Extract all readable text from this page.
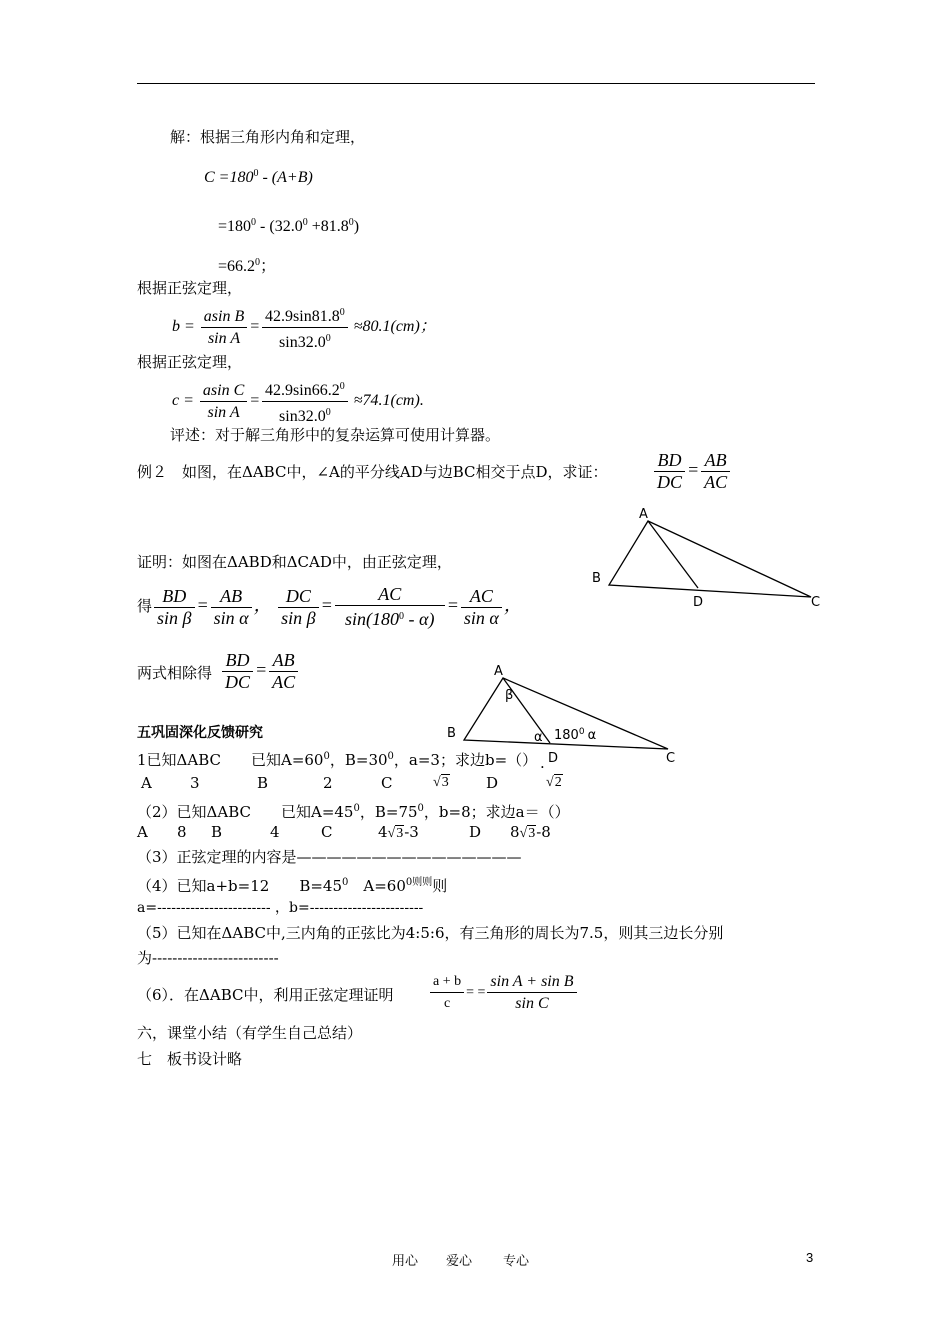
解：根据三角形内角和定理，
$C =180^0 - (A+B)$
$=180^0 - (32.0^0 +81.8^0)$
$=66.2^0$；
根据正弦定理，
$b = \frac{\text{asin B}}{\text{sin A}} = \frac{42.9\sin 81.8^0}{\sin 32.0^0} \approx 80.1(cm)$；
根据正弦定理，
$c = \frac{\text{asin C}}{\text{sin A}} = \frac{42.9\sin 66.2^0}{\sin 32.0^0} \approx 74.1(cm)$.
评述：对于解三角形中的复杂运算可使用计算器。
例２　如图，在ΔABC中，∠A的平分线AD与边BC相交于点D，求证：	$\frac{BD}{DC} = \frac{AB}{AC}$
A
B
D	C
证明：如图在ΔABD和ΔCAD中，由正弦定理，
得 $\frac{BD}{\text{sin β}} = \frac{AB}{\text{sin α}}$ ， $\frac{DC}{\text{sin β}} = \frac{AC}{\sin(180^0 - \alpha)} = \frac{AC}{\text{sin α}}$ ，
两式相除得 $\frac{BD}{DC} = \frac{AB}{AC}$	A
β
B	α $180^0$ α
D	C
五巩固深化反馈研究
1已知ΔABC　　已知$A=60^0$，$B=30^0$，a=3；求边b=（） .
A	3	B	2	C	√3 D	√2
（2）已知ΔABC　　已知$A=45^0$，$B=75^0$，b=8；求边a＝（）
A 8 B	4	C	4√3-3	D 8√3-8
（3）正弦定理的内容是———————————————
（4）已知a+b=12　　$B=45^0$　$A=60^{0则则}$则
a=------------------------ ，b=------------------------
（5）已知在ΔABC中,三内角的正弦比为4:5:6，有三角形的周长为7.5，则其三边长分别
为-------------------------
（6）．在ΔABC中，利用正弦定理证明	$\frac{a + b}{c}$ = = $\frac{\text{sin A + sin B}}{\text{sin C}}$
六，课堂小结（有学生自己总结）
七　板书设计略
用心 爱心 专心	3
